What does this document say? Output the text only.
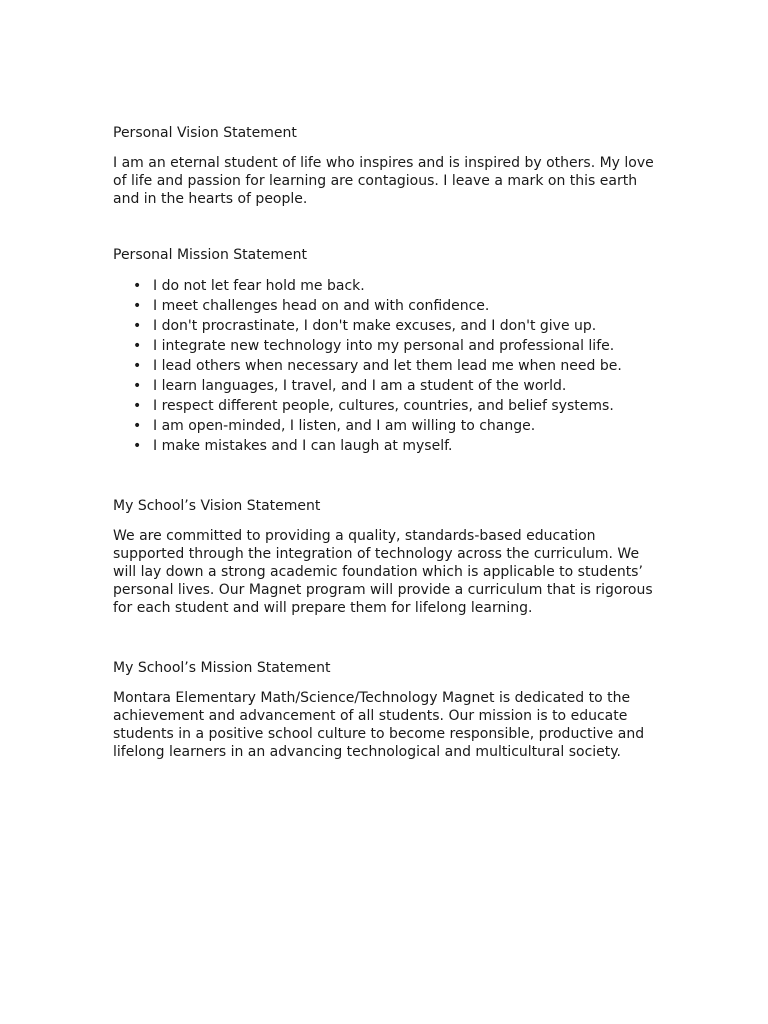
Personal Vision Statement

I am an eternal student of life who inspires and is inspired by others. My love of life and passion for learning are contagious. I leave a mark on this earth and in the hearts of people.

Personal Mission Statement
• I do not let fear hold me back.
• I meet challenges head on and with confidence.
• I don't procrastinate, I don't make excuses, and I don't give up.
• I integrate new technology into my personal and professional life.
• I lead others when necessary and let them lead me when need be.
• I learn languages, I travel, and I am a student of the world.
• I respect different people, cultures, countries, and belief systems.
• I am open-minded, I listen, and I am willing to change.
• I make mistakes and I can laugh at myself.
My School’s Vision Statement

We are committed to providing a quality, standards-based education supported through the integration of technology across the curriculum. We will lay down a strong academic foundation which is applicable to students’ personal lives. Our Magnet program will provide a curriculum that is rigorous for each student and will prepare them for lifelong learning.

My School’s Mission Statement

Montara Elementary Math/Science/Technology Magnet is dedicated to the achievement and advancement of all students. Our mission is to educate students in a positive school culture to become responsible, productive and lifelong learners in an advancing technological and multicultural society.
